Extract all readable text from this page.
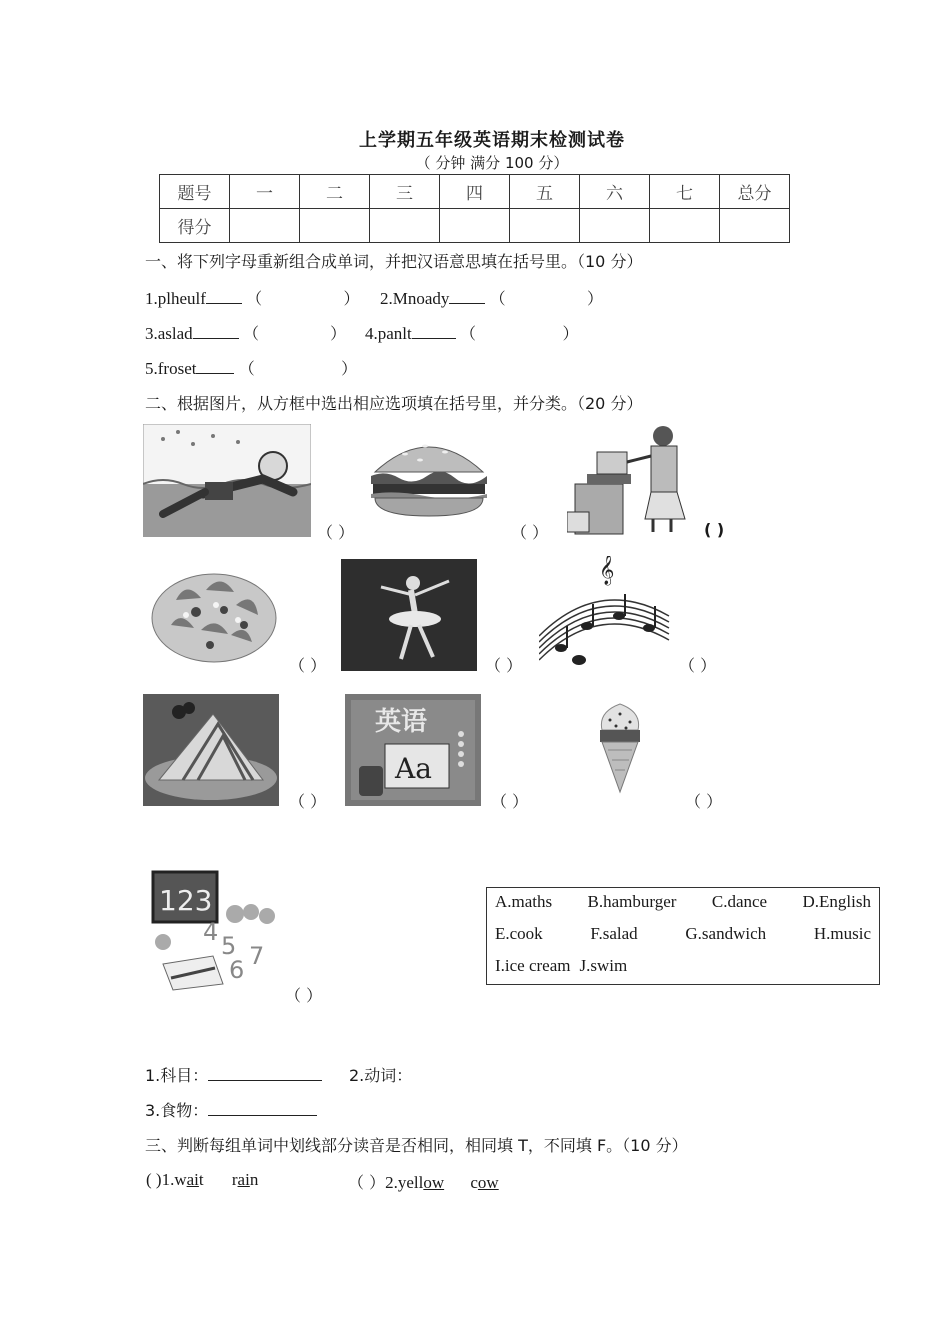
上学期五年级英语期末检测试卷
（ 分钟 满分 100 分）
题号	一	二	三	四	五	六	七	总分
得分								
一、将下列字母重新组合成单词，并把汉语意思填在括号里。（10 分）
1.plheulf	（                ） 2.Mnoady	（                ）
3.aslad	（              ） 4.panlt	（                 ）
5.froset	（                 ）
二、根据图片，从方框中选出相应选项填在括号里，并分类。（20 分）
（ ）	（ ）	( )
（ ）	（ ）
𝄞
（ ）
（ ）
英语
Aa
（ ）	（ ）
123
4 5
6 7
（ ）
A.maths B.hamburger C.dance D.English
E.cook	F.salad	G.sandwich	H.music
I.ice cream J.swim
1.科目：	2.动词：
3.食物：
三、判断每组单词中划线部分读音是否相同，相同填 T，不同填 F。（10 分）
( )1.wait rain	（ ）2.yellow cow
